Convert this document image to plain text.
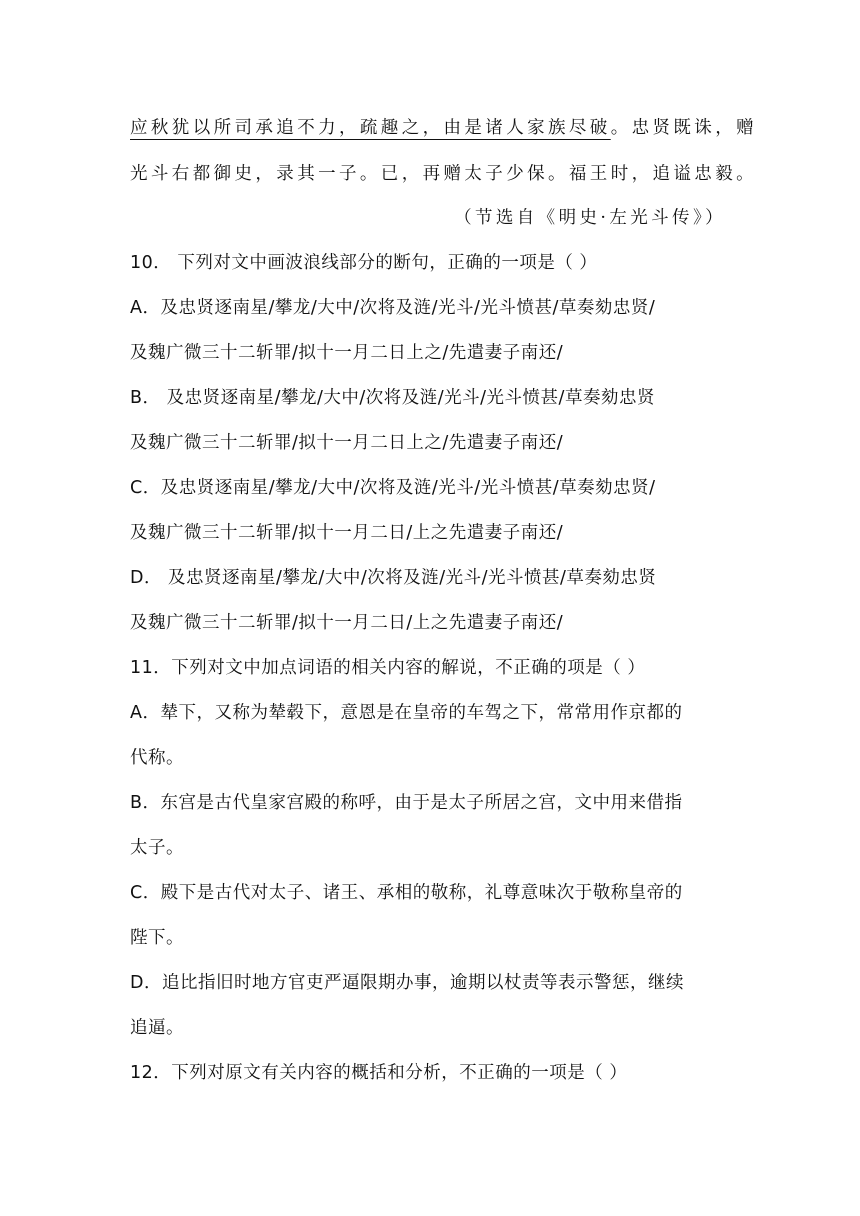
应秋犹以所司承追不力，疏趣之，由是诸人家族尽破。忠贤既诛，赠
光斗右都御史，录其一子。已，再赠太子少保。福王时，追谥忠毅。
（节选自《明史·左光斗传》）
10． 下列对文中画波浪线部分的断句，正确的一项是（ ）
A．及忠贤逐南星/攀龙/大中/次将及涟/光斗/光斗愤甚/草奏劾忠贤/
及魏广微三十二斩罪/拟十一月二日上之/先遣妻子南还/
B． 及忠贤逐南星/攀龙/大中/次将及涟/光斗/光斗愤甚/草奏劾忠贤
及魏广微三十二斩罪/拟十一月二日上之/先遣妻子南还/
C．及忠贤逐南星/攀龙/大中/次将及涟/光斗/光斗愤甚/草奏劾忠贤/
及魏广微三十二斩罪/拟十一月二日/上之先遣妻子南还/
D． 及忠贤逐南星/攀龙/大中/次将及涟/光斗/光斗愤甚/草奏劾忠贤
及魏广微三十二斩罪/拟十一月二日/上之先遣妻子南还/
11．下列对文中加点词语的相关内容的解说，不正确的项是（ ）
A．辇下，又称为辇毂下，意恩是在皇帝的车驾之下，常常用作京都的
代称。
B．东宫是古代皇家宫殿的称呼，由于是太子所居之宫，文中用来借指
太子。
C．殿下是古代对太子、诸王、承相的敬称，礼尊意味次于敬称皇帝的
陛下。
D．追比指旧时地方官吏严逼限期办事，逾期以杖责等表示警惩，继续
追逼。
12．下列对原文有关内容的概括和分析，不正确的一项是（ ）
